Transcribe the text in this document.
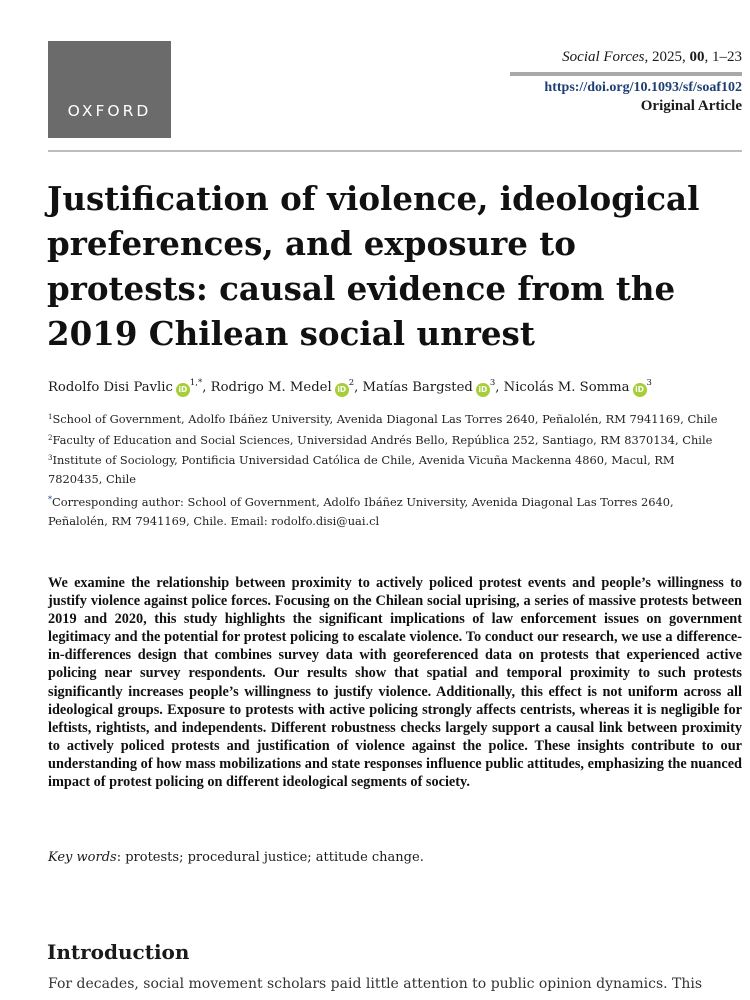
OXFORD
Social Forces, 2025, 00, 1–23
https://doi.org/10.1093/sf/soaf102
Original Article
Justification of violence, ideological preferences, and exposure to protests: causal evidence from the 2019 Chilean social unrest
Rodolfo Disi Pavlic $iD^{1,*}$, Rodrigo M. Medel $iD^2$, Matías Bargsted $iD^3$, Nicolás M. Somma $iD^3$
$^1$School of Government, Adolfo Ibáñez University, Avenida Diagonal Las Torres 2640, Peñalolén, RM 7941169, Chile
$^2$Faculty of Education and Social Sciences, Universidad Andrés Bello, República 252, Santiago, RM 8370134, Chile
$^3$Institute of Sociology, Pontificia Universidad Católica de Chile, Avenida Vicuña Mackenna 4860, Macul, RM
7820435, Chile
*Corresponding author: School of Government, Adolfo Ibáñez University, Avenida Diagonal Las Torres 2640,
Peñalolén, RM 7941169, Chile. Email: rodolfo.disi@uai.cl

We examine the relationship between proximity to actively policed protest events and people’s willingness to justify violence against police forces. Focusing on the Chilean social uprising, a series of massive protests between 2019 and 2020, this study highlights the significant implications of law enforcement issues on government legitimacy and the potential for protest policing to escalate violence. To conduct our research, we use a difference-in-differences design that combines survey data with georeferenced data on protests that experienced active policing near survey respondents. Our results show that spatial and temporal proximity to such protests significantly increases people’s willingness to justify violence. Additionally, this effect is not uniform across all ideological groups. Exposure to protests with active policing strongly affects centrists, whereas it is negligible for leftists, rightists, and independents. Different robustness checks largely support a causal link between proximity to actively policed protests and justification of violence against the police. These insights contribute to our understanding of how mass mobilizations and state responses influence public attitudes, emphasizing the nuanced impact of protest policing on different ideological segments of society.

Key words: protests; procedural justice; attitude change.
Introduction

For decades, social movement scholars paid little attention to public opinion dynamics. This
